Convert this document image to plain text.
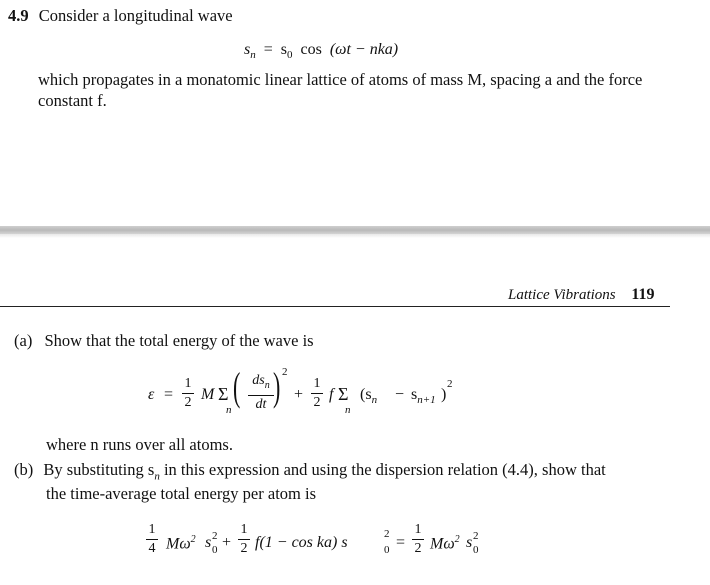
4.9 Consider a longitudinal wave
$s_n = s_0$ cos (ωt − nka)
which propagates in a monatomic linear lattice of atoms of mass M, spacing a and the force
constant f.
Lattice Vibrations 119
(a) Show that the total energy of the wave is
ε =
1
2 M Σ
n
( $ds_n$
dt ) 2
+
1
2 f Σ
n
($s_n - s_{n+1}$ )
2
where n runs over all atoms.
(b) By substituting $s_n$ in this expression and using the dispersion relation (4.4), show that
the time-average total energy per atom is
1
4 $M\omega^2$ s 2
0 +
1
2 f(1 − cos ka) s	2
0 =
1
2 $M\omega^2$ s 2
0
